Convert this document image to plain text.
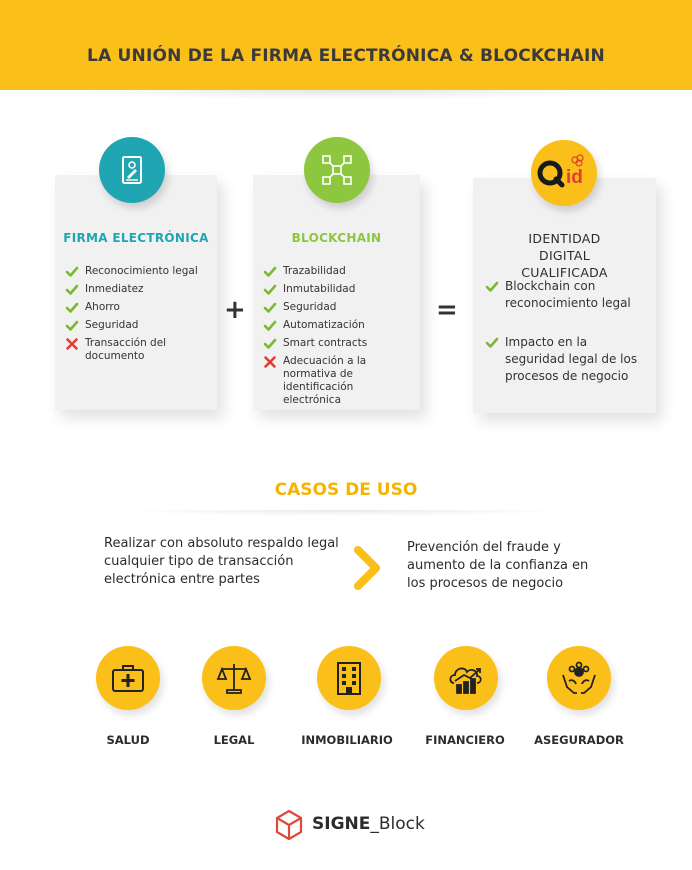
LA UNIÓN DE LA FIRMA ELECTRÓNICA & BLOCKCHAIN
FIRMA ELECTRÓNICA
Reconocimiento legal
Inmediatez
Ahorro
Seguridad
Transacción del documento
+
BLOCKCHAIN
Trazabilidad
Inmutabilidad
Seguridad
Automatización
Smart contracts
Adecuación a la normativa de identificación electrónica
=
IDENTIDAD DIGITAL CUALIFICADA
Blockchain con reconocimiento legal
Impacto en la seguridad legal de los procesos de negocio
id
CASOS DE USO
Realizar con absoluto respaldo legal cualquier tipo de transacción electrónica entre partes
Prevención del fraude y aumento de la confianza en los procesos de negocio
SALUD	LEGAL	INMOBILIARIO	FINANCIERO	ASEGURADOR
SIGNE_Block
